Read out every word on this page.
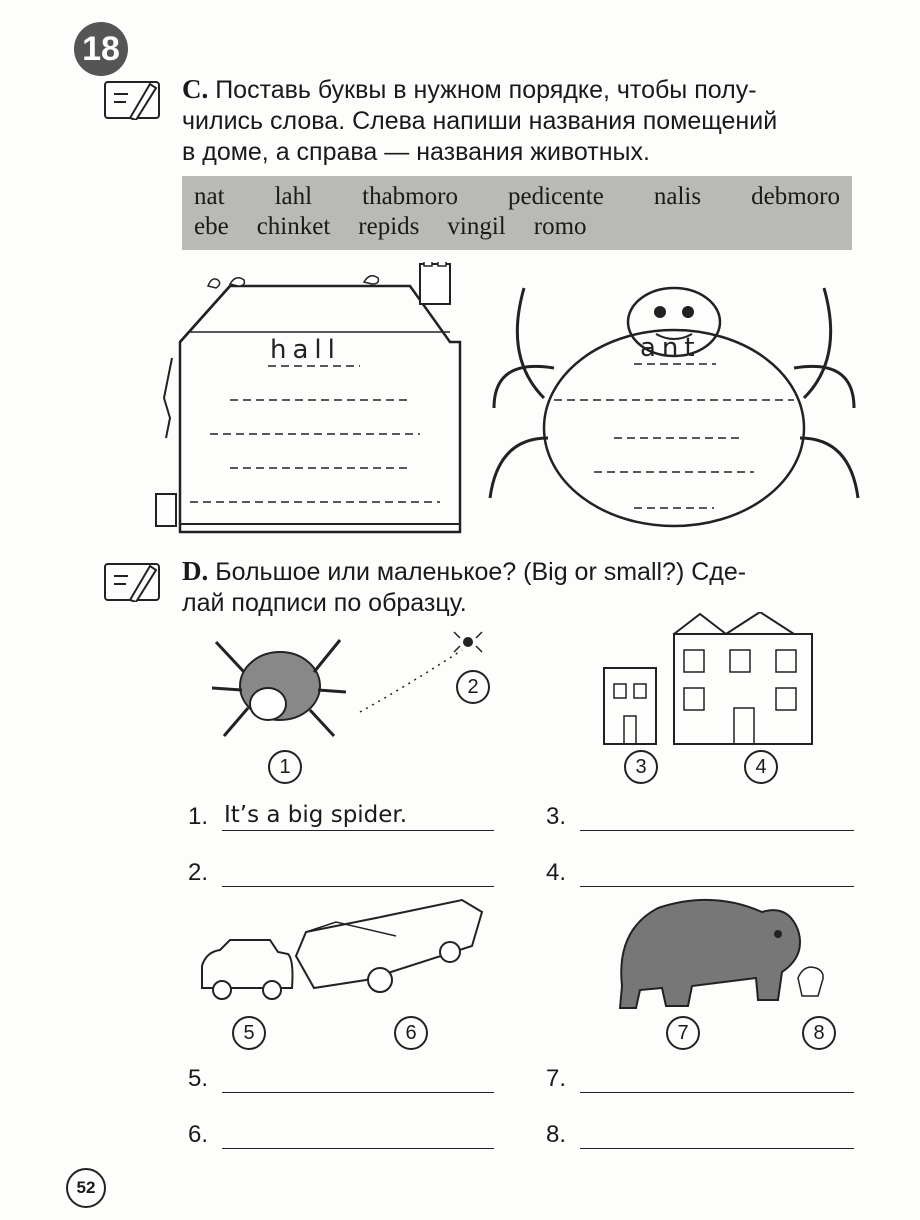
18
C. Поставь буквы в нужном порядке, чтобы полу-
чились слова. Слева напиши названия помещений
в доме, а справа — названия животных.
nat lahl thabmoro pedicente nalis debmoro
ebe chinket repids vingil romo
hall	ant
D. Большое или маленькое? (Big or small?) Сде-
лай подписи по образцу.
1
2
3	4
1. It’s a big spider.	3.
2.	4.
5	6	7	8
5.	7.
6.	8.
52
